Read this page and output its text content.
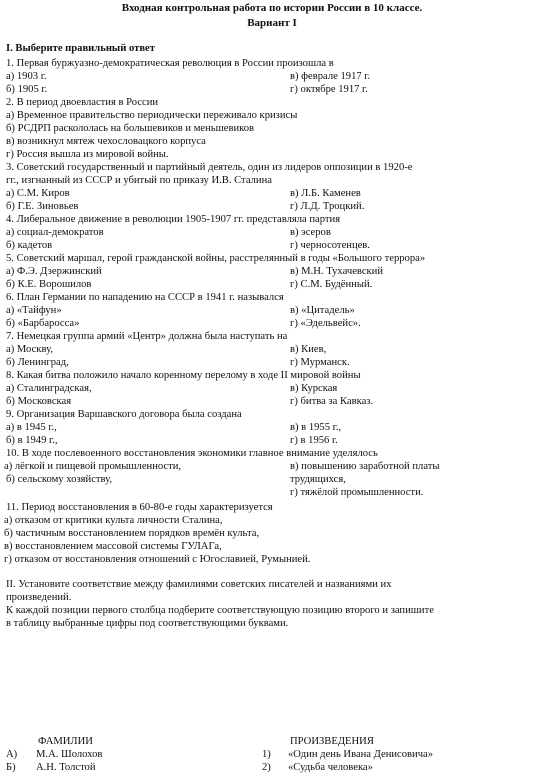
Входная контрольная работа по истории России в 10 классе.
Вариант I
I. Выберите правильный ответ
1. Первая буржуазно-демократическая революция в России произошла в
а) 1903 г.	в) феврале 1917 г.
б) 1905 г.	г) октябре 1917 г.
2. В период двоевластия в России
а) Временное правительство периодически переживало кризисы
б) РСДРП раскололась на большевиков и меньшевиков
в) возникнул мятеж чехословацкого корпуса
г) Россия вышла из мировой войны.
3. Советский государственный и партийный деятель, один из лидеров оппозиции в 1920-е
гг., изгнанный из СССР и убитый по приказу И.В. Сталина
а) С.М. Киров	в) Л.Б. Каменев
б) Г.Е. Зиновьев	г) Л.Д. Троцкий.
4. Либеральное движение в революции 1905-1907 гг. представляла партия
а) социал-демократов	в) эсеров
б) кадетов	г) черносотенцев.
5. Советский маршал, герой гражданской войны, расстрелянный в годы «Большого террора»
а) Ф.Э. Дзержинский	в) М.Н. Тухачевский
б) К.Е. Ворошилов	г) С.М. Будённый.
6. План Германии по нападению на СССР в 1941 г. назывался
а) «Тайфун»	в) «Цитадель»
б) «Барбаросса»	г) «Эдельвейс».
7. Немецкая группа армий «Центр» должна была наступать на
а) Москву,	в) Киев,
б) Ленинград,	г) Мурманск.
8. Какая битва положило начало коренному перелому в ходе II мировой войны
а) Сталинградская,	в) Курская
б) Московская	г) битва за Кавказ.
9. Организация Варшавского договора была создана
а) в 1945 г.,	в) в 1955 г.,
б) в 1949 г.,	г) в 1956 г.
10. В ходе послевоенного восстановления экономики главное внимание уделялось
а) лёгкой и пищевой промышленности,	в) повышению заработной платы
б) сельскому хозяйству,	трудящихся,
г) тяжёлой промышленности.
11. Период восстановления в 60-80-е годы характеризуется
а) отказом от критики культа личности Сталина,
б) частичным восстановлением порядков времён культа,
в) восстановлением массовой системы ГУЛАГа,
г) отказом от восстановления отношений с Югославией, Румынией.
II. Установите соответствие между фамилиями советских писателей и названиями их
произведений.
К каждой позиции первого столбца подберите соответствующую позицию второго и запишите
в таблицу выбранные цифры под соответствующими буквами.
ФАМИЛИИ	ПРОИЗВЕДЕНИЯ
А) М.А. Шолохов	1) «Один день Ивана Денисовича»
Б) А.Н. Толстой	2) «Судьба человека»
